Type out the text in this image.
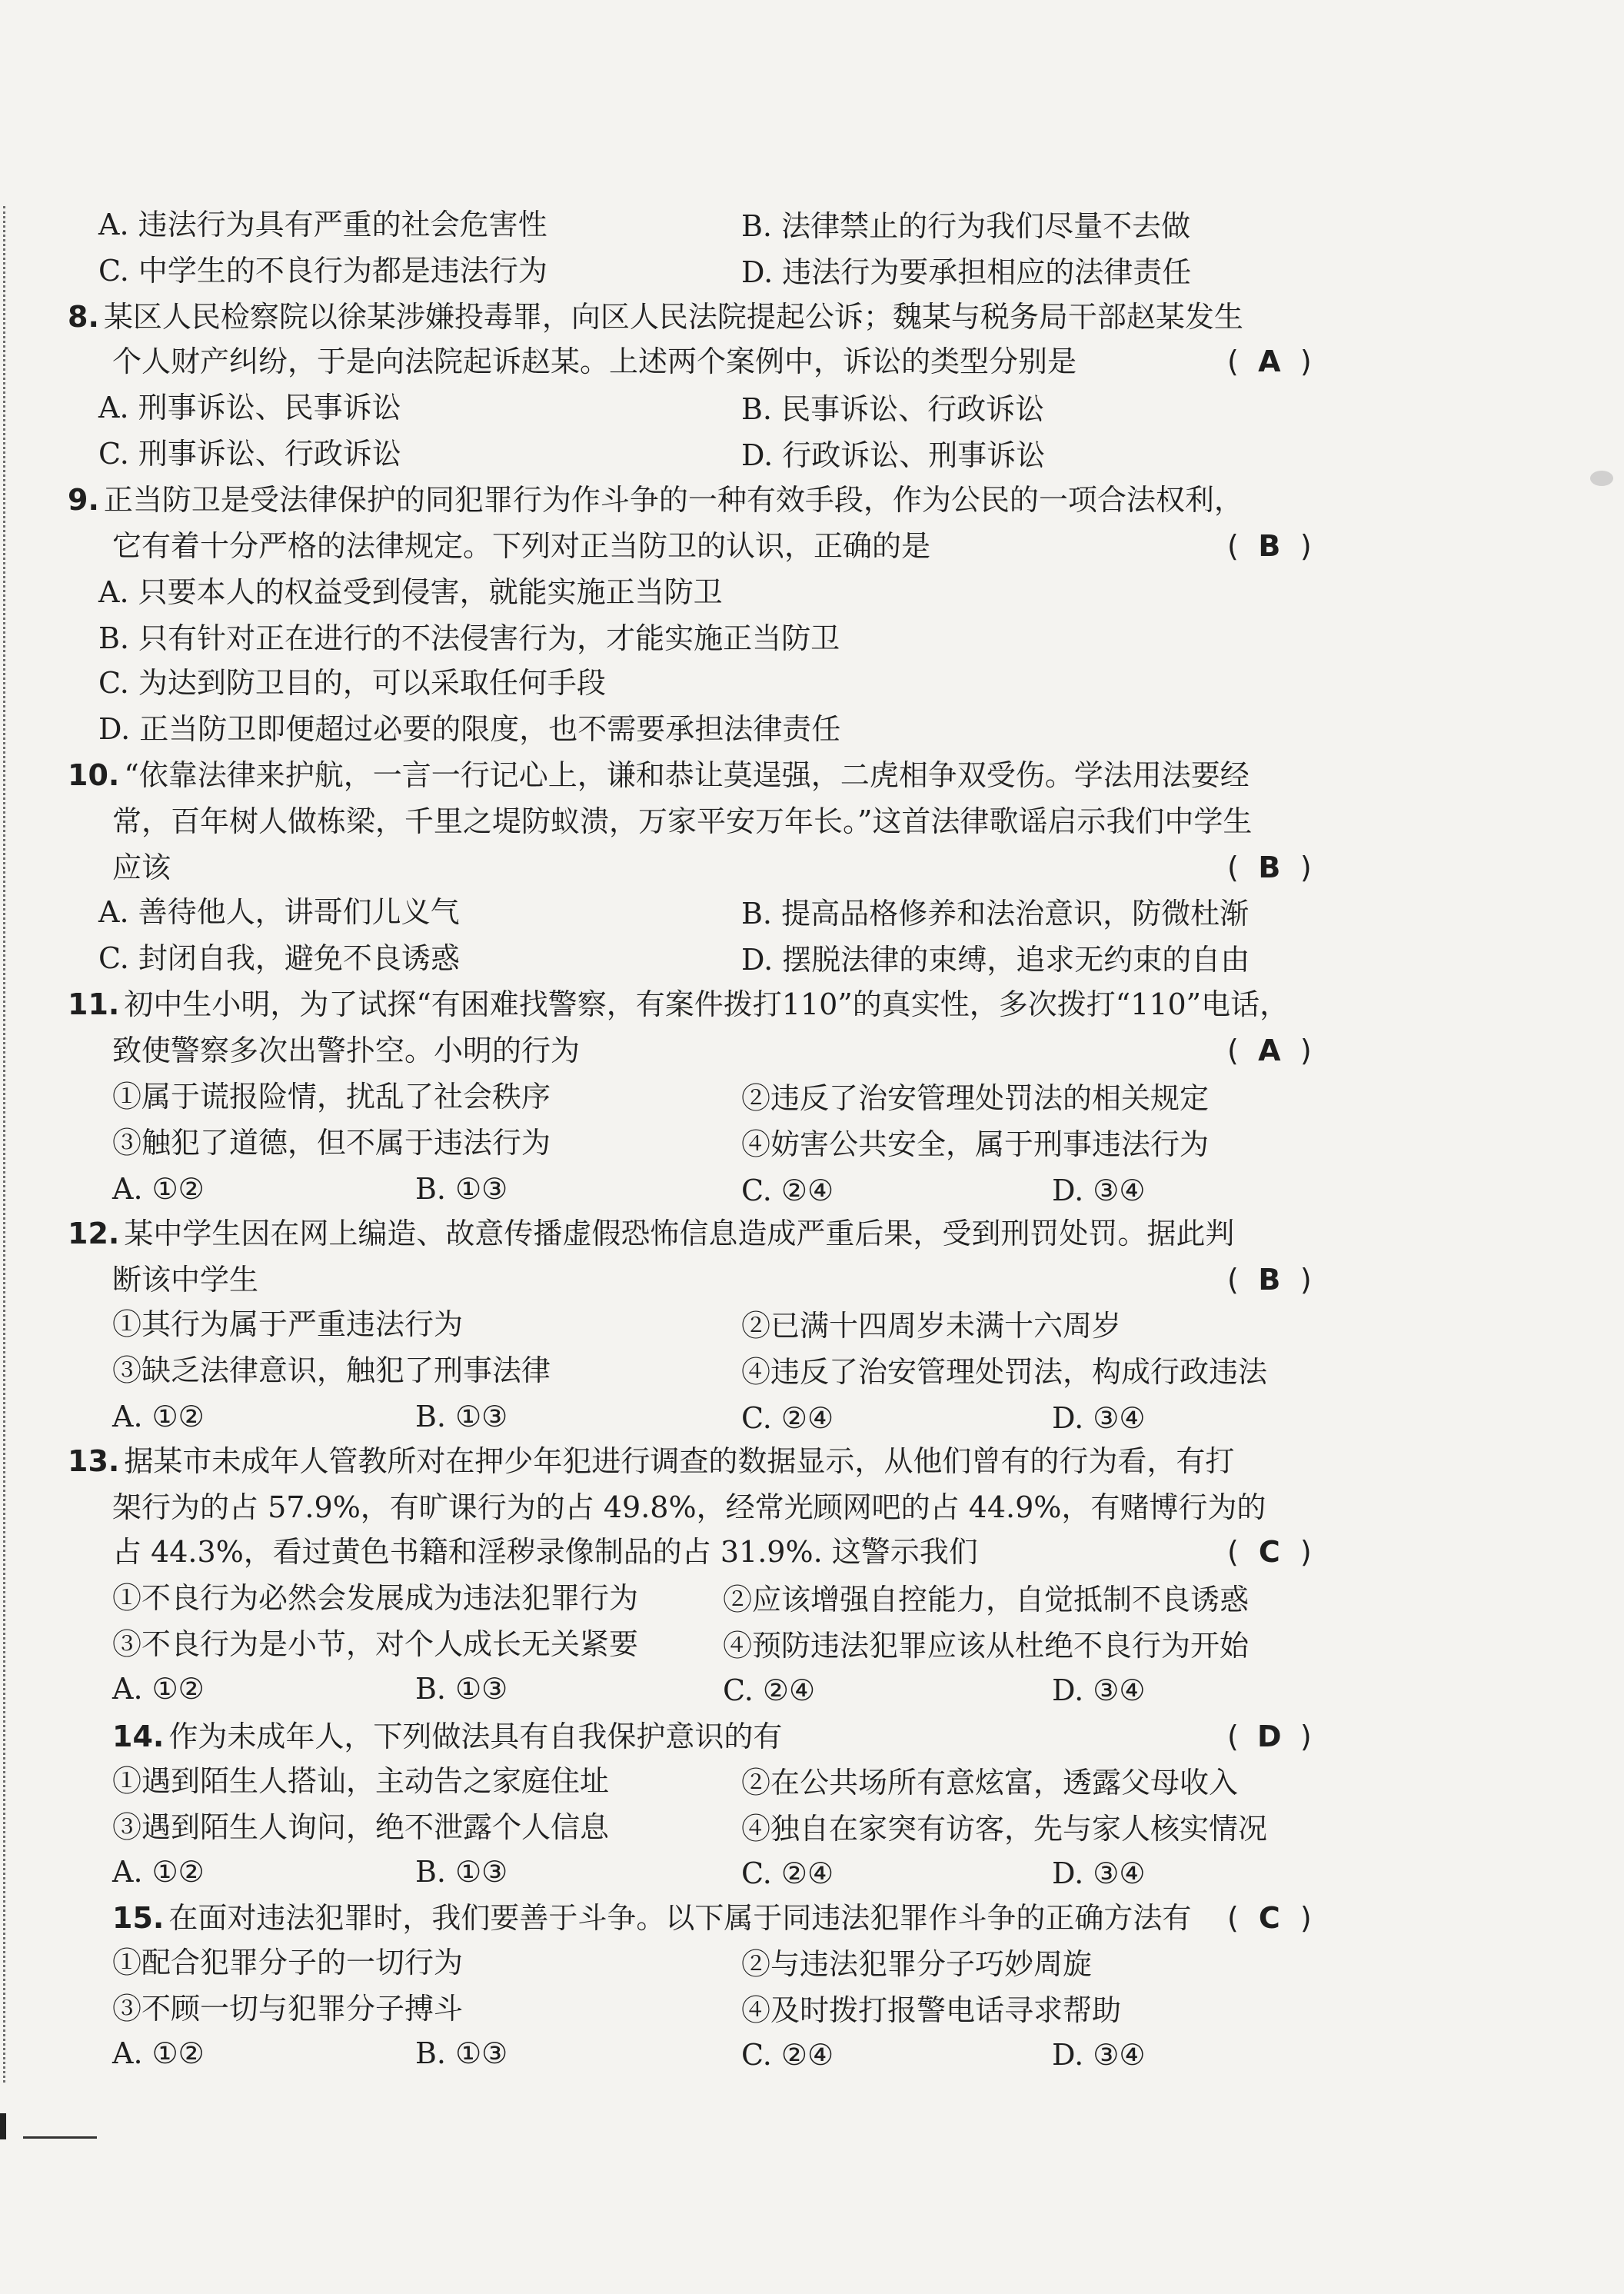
A. 违法行为具有严重的社会危害性	B. 法律禁止的行为我们尽量不去做
C. 中学生的不良行为都是违法行为	D. 违法行为要承担相应的法律责任
8. 某区人民检察院以徐某涉嫌投毒罪，向区人民法院提起公诉；魏某与税务局干部赵某发生
个人财产纠纷，于是向法院起诉赵某。上述两个案例中，诉讼的类型分别是
A. 刑事诉讼、民事诉讼	B. 民事诉讼、行政诉讼
C. 刑事诉讼、行政诉讼	D. 行政诉讼、刑事诉讼
9. 正当防卫是受法律保护的同犯罪行为作斗争的一种有效手段，作为公民的一项合法权利，
它有着十分严格的法律规定。下列对正当防卫的认识，正确的是
A. 只要本人的权益受到侵害，就能实施正当防卫
B. 只有针对正在进行的不法侵害行为，才能实施正当防卫
C. 为达到防卫目的，可以采取任何手段
D. 正当防卫即便超过必要的限度，也不需要承担法律责任
10. “依靠法律来护航，一言一行记心上，谦和恭让莫逞强，二虎相争双受伤。学法用法要经
常，百年树人做栋梁，千里之堤防蚁溃，万家平安万年长。”这首法律歌谣启示我们中学生
应该
A. 善待他人，讲哥们儿义气	B. 提高品格修养和法治意识，防微杜渐
C. 封闭自我，避免不良诱惑	D. 摆脱法律的束缚，追求无约束的自由
11. 初中生小明，为了试探“有困难找警察，有案件拨打110”的真实性，多次拨打“110”电话，
致使警察多次出警扑空。小明的行为
①属于谎报险情，扰乱了社会秩序	②违反了治安管理处罚法的相关规定
③触犯了道德，但不属于违法行为	④妨害公共安全，属于刑事违法行为
A. ①②	B. ①③	C. ②④	D. ③④
12. 某中学生因在网上编造、故意传播虚假恐怖信息造成严重后果，受到刑罚处罚。据此判
断该中学生
①其行为属于严重违法行为	②已满十四周岁未满十六周岁
③缺乏法律意识，触犯了刑事法律	④违反了治安管理处罚法，构成行政违法
A. ①②	B. ①③	C. ②④	D. ③④
13. 据某市未成年人管教所对在押少年犯进行调查的数据显示，从他们曾有的行为看，有打
架行为的占 57.9%，有旷课行为的占 49.8%，经常光顾网吧的占 44.9%，有赌博行为的
占 44.3%，看过黄色书籍和淫秽录像制品的占 31.9%. 这警示我们
①不良行为必然会发展成为违法犯罪行为	②应该增强自控能力，自觉抵制不良诱惑
③不良行为是小节，对个人成长无关紧要	④预防违法犯罪应该从杜绝不良行为开始
A. ①②	B. ①③	C. ②④	D. ③④
14. 作为未成年人，下列做法具有自我保护意识的有
①遇到陌生人搭讪，主动告之家庭住址	②在公共场所有意炫富，透露父母收入
③遇到陌生人询问，绝不泄露个人信息	④独自在家突有访客，先与家人核实情况
A. ①②	B. ①③	C. ②④	D. ③④
15. 在面对违法犯罪时，我们要善于斗争。以下属于同违法犯罪作斗争的正确方法有
①配合犯罪分子的一切行为	②与违法犯罪分子巧妙周旋
③不顾一切与犯罪分子搏斗	④及时拨打报警电话寻求帮助
A. ①②	B. ①③	C. ②④	D. ③④
( A )
( B )
( B )
( A )
( B )
( C )
( D )
( C )
